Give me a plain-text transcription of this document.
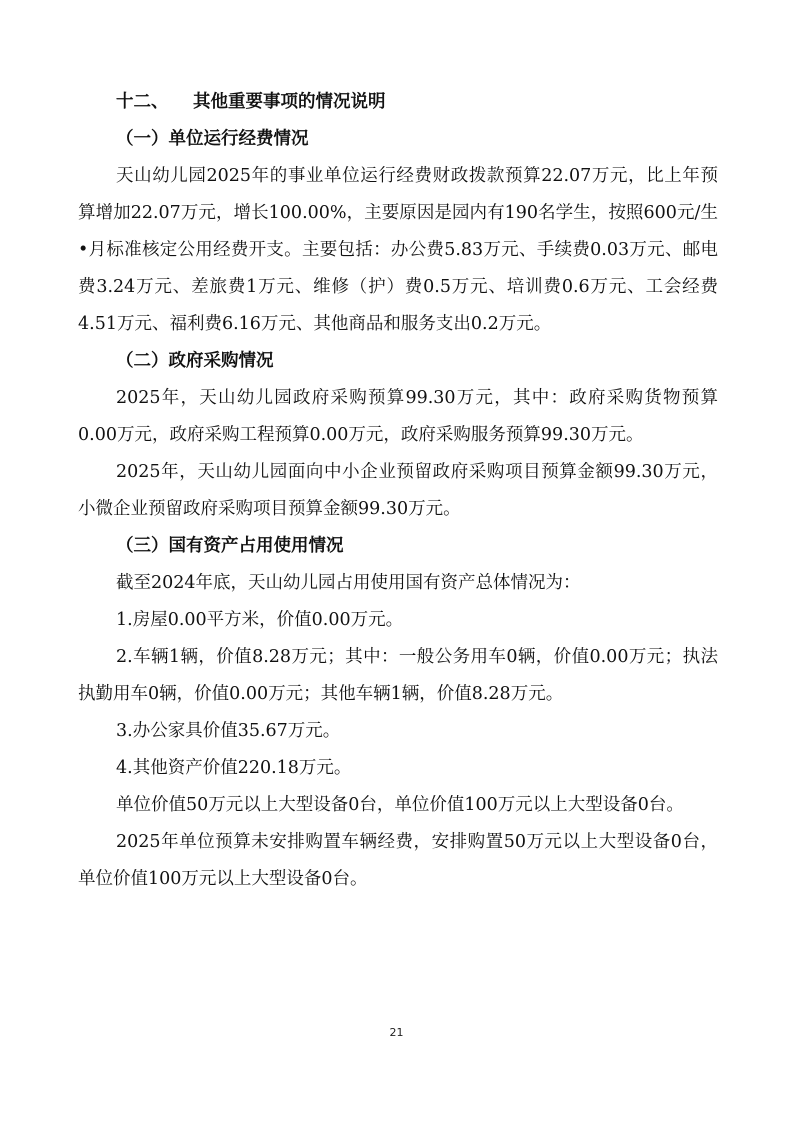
十二、 其他重要事项的情况说明
（一）单位运行经费情况

天山幼儿园2025年的事业单位运行经费财政拨款预算22.07万元，比上年预算增加22.07万元，增长100.00%，主要原因是园内有190名学生，按照600元/生•月标准核定公用经费开支。主要包括：办公费5.83万元、手续费0.03万元、邮电费3.24万元、差旅费1万元、维修（护）费0.5万元、培训费0.6万元、工会经费4.51万元、福利费6.16万元、其他商品和服务支出0.2万元。

（二）政府采购情况

2025年，天山幼儿园政府采购预算99.30万元，其中：政府采购货物预算0.00万元，政府采购工程预算0.00万元，政府采购服务预算99.30万元。

2025年，天山幼儿园面向中小企业预留政府采购项目预算金额99.30万元，小微企业预留政府采购项目预算金额99.30万元。

（三）国有资产占用使用情况

截至2024年底，天山幼儿园占用使用国有资产总体情况为：

1.房屋0.00平方米，价值0.00万元。

2.车辆1辆，价值8.28万元；其中：一般公务用车0辆，价值0.00万元；执法执勤用车0辆，价值0.00万元；其他车辆1辆，价值8.28万元。

3.办公家具价值35.67万元。

4.其他资产价值220.18万元。

单位价值50万元以上大型设备0台，单位价值100万元以上大型设备0台。

2025年单位预算未安排购置车辆经费，安排购置50万元以上大型设备0台，单位价值100万元以上大型设备0台。

21
